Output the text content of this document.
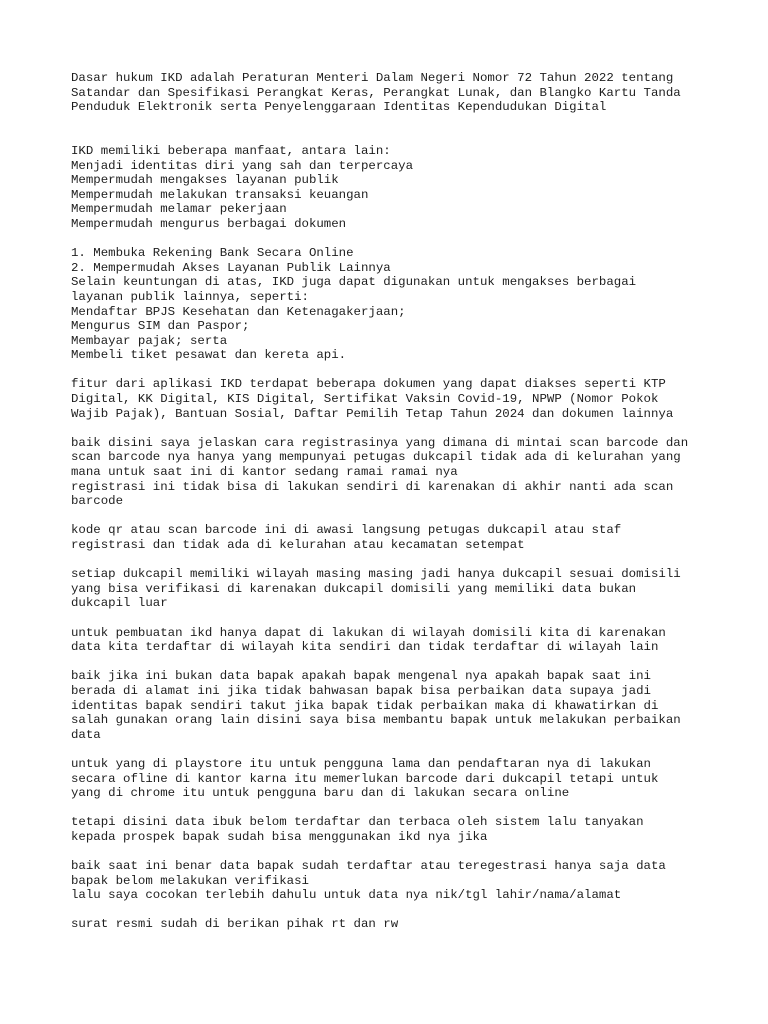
Dasar hukum IKD adalah Peraturan Menteri Dalam Negeri Nomor 72 Tahun 2022 tentang
Satandar dan Spesifikasi Perangkat Keras, Perangkat Lunak, dan Blangko Kartu Tanda
Penduduk Elektronik serta Penyelenggaraan Identitas Kependudukan Digital
IKD memiliki beberapa manfaat, antara lain:
Menjadi identitas diri yang sah dan terpercaya
Mempermudah mengakses layanan publik
Mempermudah melakukan transaksi keuangan
Mempermudah melamar pekerjaan
Mempermudah mengurus berbagai dokumen
1. Membuka Rekening Bank Secara Online
2. Mempermudah Akses Layanan Publik Lainnya
Selain keuntungan di atas, IKD juga dapat digunakan untuk mengakses berbagai
layanan publik lainnya, seperti:
Mendaftar BPJS Kesehatan dan Ketenagakerjaan;
Mengurus SIM dan Paspor;
Membayar pajak; serta
Membeli tiket pesawat dan kereta api.
fitur dari aplikasi IKD terdapat beberapa dokumen yang dapat diakses seperti KTP
Digital, KK Digital, KIS Digital, Sertifikat Vaksin Covid-19, NPWP (Nomor Pokok
Wajib Pajak), Bantuan Sosial, Daftar Pemilih Tetap Tahun 2024 dan dokumen lainnya
baik disini saya jelaskan cara registrasinya yang dimana di mintai scan barcode dan
scan barcode nya hanya yang mempunyai petugas dukcapil tidak ada di kelurahan yang
mana untuk saat ini di kantor sedang ramai ramai nya
registrasi ini tidak bisa di lakukan sendiri di karenakan di akhir nanti ada scan
barcode
kode qr atau scan barcode ini di awasi langsung petugas dukcapil atau staf
registrasi dan tidak ada di kelurahan atau kecamatan setempat
setiap dukcapil memiliki wilayah masing masing jadi hanya dukcapil sesuai domisili
yang bisa verifikasi di karenakan dukcapil domisili yang memiliki data bukan
dukcapil luar
untuk pembuatan ikd hanya dapat di lakukan di wilayah domisili kita di karenakan
data kita terdaftar di wilayah kita sendiri dan tidak terdaftar di wilayah lain
baik jika ini bukan data bapak apakah bapak mengenal nya apakah bapak saat ini
berada di alamat ini jika tidak bahwasan bapak bisa perbaikan data supaya jadi
identitas bapak sendiri takut jika bapak tidak perbaikan maka di khawatirkan di
salah gunakan orang lain disini saya bisa membantu bapak untuk melakukan perbaikan
data
untuk yang di playstore itu untuk pengguna lama dan pendaftaran nya di lakukan
secara ofline di kantor karna itu memerlukan barcode dari dukcapil tetapi untuk
yang di chrome itu untuk pengguna baru dan di lakukan secara online
tetapi disini data ibuk belom terdaftar dan terbaca oleh sistem lalu tanyakan
kepada prospek bapak sudah bisa menggunakan ikd nya jika
baik saat ini benar data bapak sudah terdaftar atau teregestrasi hanya saja data
bapak belom melakukan verifikasi
lalu saya cocokan terlebih dahulu untuk data nya nik/tgl lahir/nama/alamat
surat resmi sudah di berikan pihak rt dan rw
